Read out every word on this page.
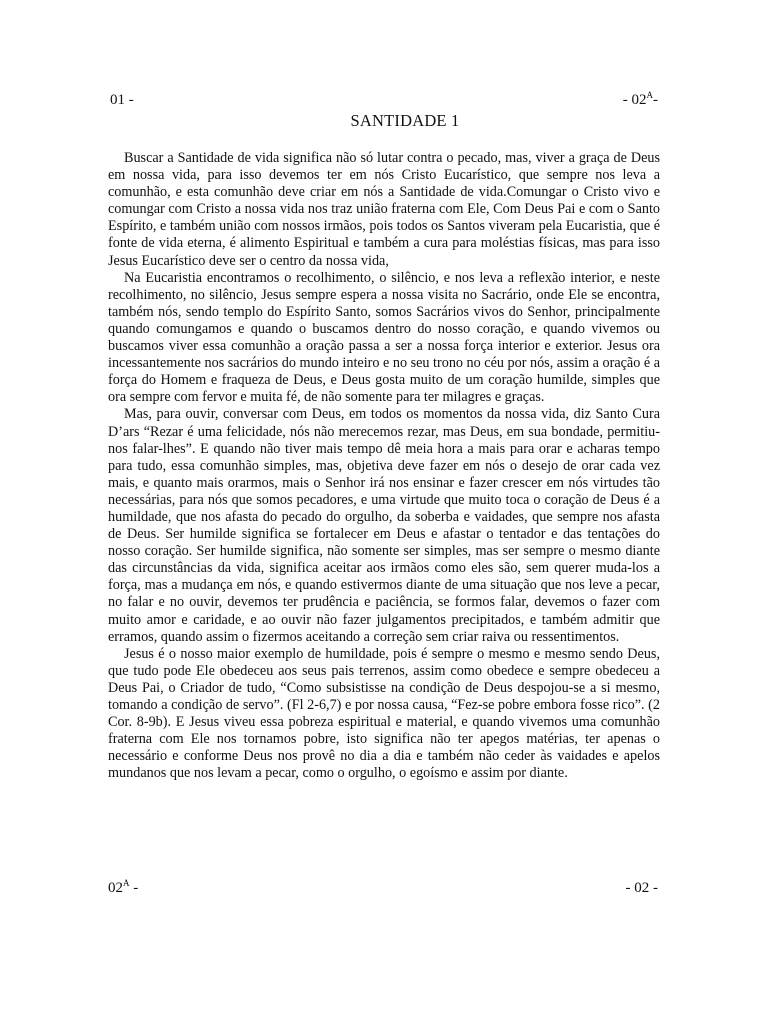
01 -	- $02^A-$
SANTIDADE 1

Buscar a Santidade de vida significa não só lutar contra o pecado, mas, viver a graça de Deus em nossa vida, para isso devemos ter em nós Cristo Eucarístico, que sempre nos leva a comunhão, e esta comunhão deve criar em nós a Santidade de vida.Comungar o Cristo vivo e comungar com Cristo a nossa vida nos traz união fraterna com Ele, Com Deus Pai e com o Santo Espírito, e também união com nossos irmãos, pois todos os Santos viveram pela Eucaristia, que é fonte de vida eterna, é alimento Espiritual e também a cura para moléstias físicas, mas para isso Jesus Eucarístico deve ser o centro da nossa vida,

Na Eucaristia encontramos o recolhimento, o silêncio, e nos leva a reflexão interior, e neste recolhimento, no silêncio, Jesus sempre espera a nossa visita no Sacrário, onde Ele se encontra, também nós, sendo templo do Espírito Santo, somos Sacrários vivos do Senhor, principalmente quando comungamos e quando o buscamos dentro do nosso coração, e quando vivemos ou buscamos viver essa comunhão a oração passa a ser a nossa força interior e exterior. Jesus ora incessantemente nos sacrários do mundo inteiro e no seu trono no céu por nós, assim a oração é a força do Homem e fraqueza de Deus, e Deus gosta muito de um coração humilde, simples que ora sempre com fervor e muita fé, de não somente para ter milagres e graças.

Mas, para ouvir, conversar com Deus, em todos os momentos da nossa vida, diz Santo Cura D’ars “Rezar é uma felicidade, nós não merecemos rezar, mas Deus, em sua bondade, permitiu-nos falar-lhes”. E quando não tiver mais tempo dê meia hora a mais para orar e acharas tempo para tudo, essa comunhão simples, mas, objetiva deve fazer em nós o desejo de orar cada vez mais, e quanto mais orarmos, mais o Senhor irá nos ensinar e fazer crescer em nós virtudes tão necessárias, para nós que somos pecadores, e uma virtude que muito toca o coração de Deus é a humildade, que nos afasta do pecado do orgulho, da soberba e vaidades, que sempre nos afasta de Deus. Ser humilde significa se fortalecer em Deus e afastar o tentador e das tentações do nosso coração. Ser humilde significa, não somente ser simples, mas ser sempre o mesmo diante das circunstâncias da vida, significa aceitar aos irmãos como eles são, sem querer muda-los a força, mas a mudança em nós, e quando estivermos diante de uma situação que nos leve a pecar, no falar e no ouvir, devemos ter prudência e paciência, se formos falar, devemos o fazer com muito amor e caridade, e ao ouvir não fazer julgamentos precipitados, e também admitir que erramos, quando assim o fizermos aceitando a correção sem criar raiva ou ressentimentos.

Jesus é o nosso maior exemplo de humildade, pois é sempre o mesmo e mesmo sendo Deus, que tudo pode Ele obedeceu aos seus pais terrenos, assim como obedece e sempre obedeceu a Deus Pai, o Criador de tudo, “Como subsistisse na condição de Deus despojou-se a si mesmo, tomando a condição de servo”. (Fl 2-6,7) e por nossa causa, “Fez-se pobre embora fosse rico”. (2 Cor. 8-9b). E Jesus viveu essa pobreza espiritual e material, e quando vivemos uma comunhão fraterna com Ele nos tornamos pobre, isto significa não ter apegos matérias, ter apenas o necessário e conforme Deus nos provê no dia a dia e também não ceder às vaidades e apelos mundanos que nos levam a pecar, como o orgulho, o egoísmo e assim por diante.

$02^A$ -	- 02 -
